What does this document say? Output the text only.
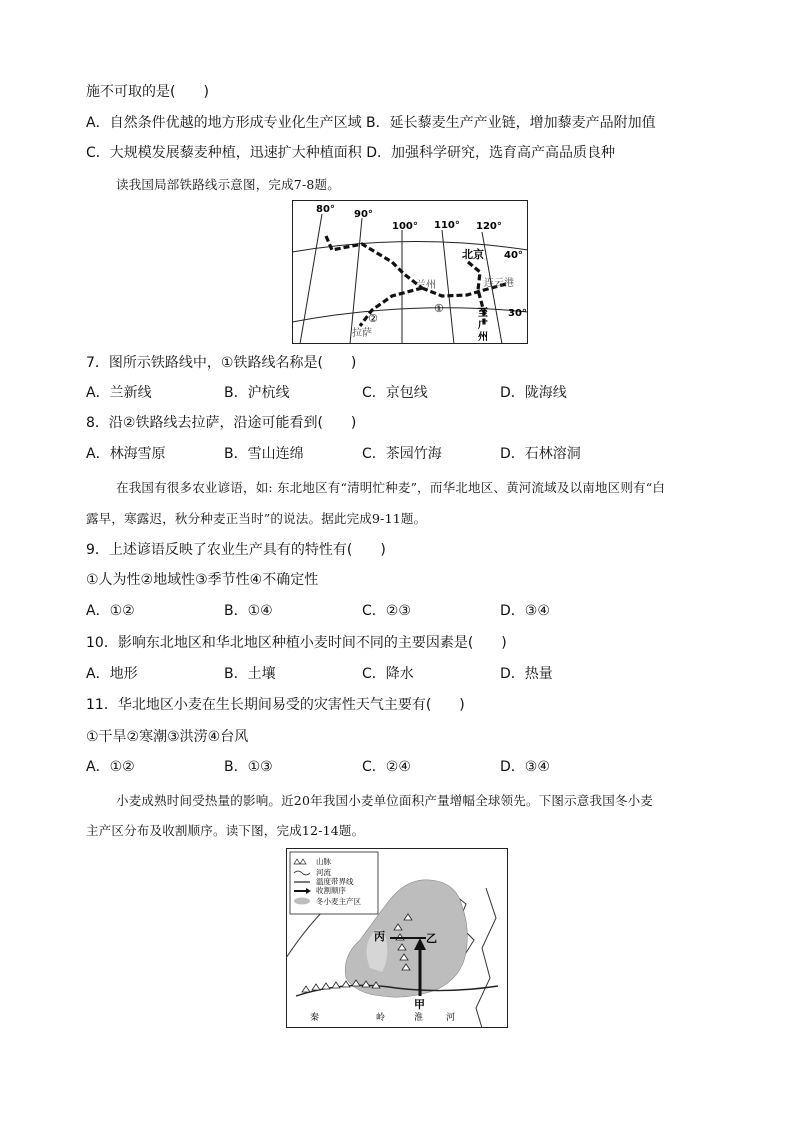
施不可取的是(　　)
A．自然条件优越的地方形成专业化生产区域 B．延长藜麦生产产业链，增加藜麦产品附加值
C．大规模发展藜麦种植，迅速扩大种植面积 D．加强科学研究，选育高产高品质良种
读我国局部铁路线示意图，完成7-8题。
80° 90°
100° 110° 120°
40°
30°
北京
兰州	连云港
拉萨
至
广
州
①
②
7．图所示铁路线中，①铁路线名称是(　　)
A．兰新线	B．沪杭线	C．京包线	D．陇海线
8．沿②铁路线去拉萨，沿途可能看到(　　)
A．林海雪原	B．雪山连绵	C．茶园竹海	D．石林溶洞
在我国有很多农业谚语，如: 东北地区有“清明忙种麦”，而华北地区、黄河流域及以南地区则有“白
露早，寒露迟，秋分种麦正当时”的说法。据此完成9-11题。
9．上述谚语反映了农业生产具有的特性有(　　)
①人为性②地域性③季节性④不确定性
A．①②	B．①④	C．②③	D．③④
10．影响东北地区和华北地区种植小麦时间不同的主要因素是(　　)
A．地形	B．土壤	C．降水	D．热量
11．华北地区小麦在生长期间易受的灾害性天气主要有(　　)
①干旱②寒潮③洪涝④台风
A．①②	B．①③	C．②④	D．③④
小麦成熟时间受热量的影响。近20年我国小麦单位面积产量增幅全球领先。下图示意我国冬小麦
主产区分布及收割顺序。读下图，完成12-14题。
丙	乙
甲
秦	岭	淮	河
山脉
河流
温度带界线
收割顺序
冬小麦主产区
